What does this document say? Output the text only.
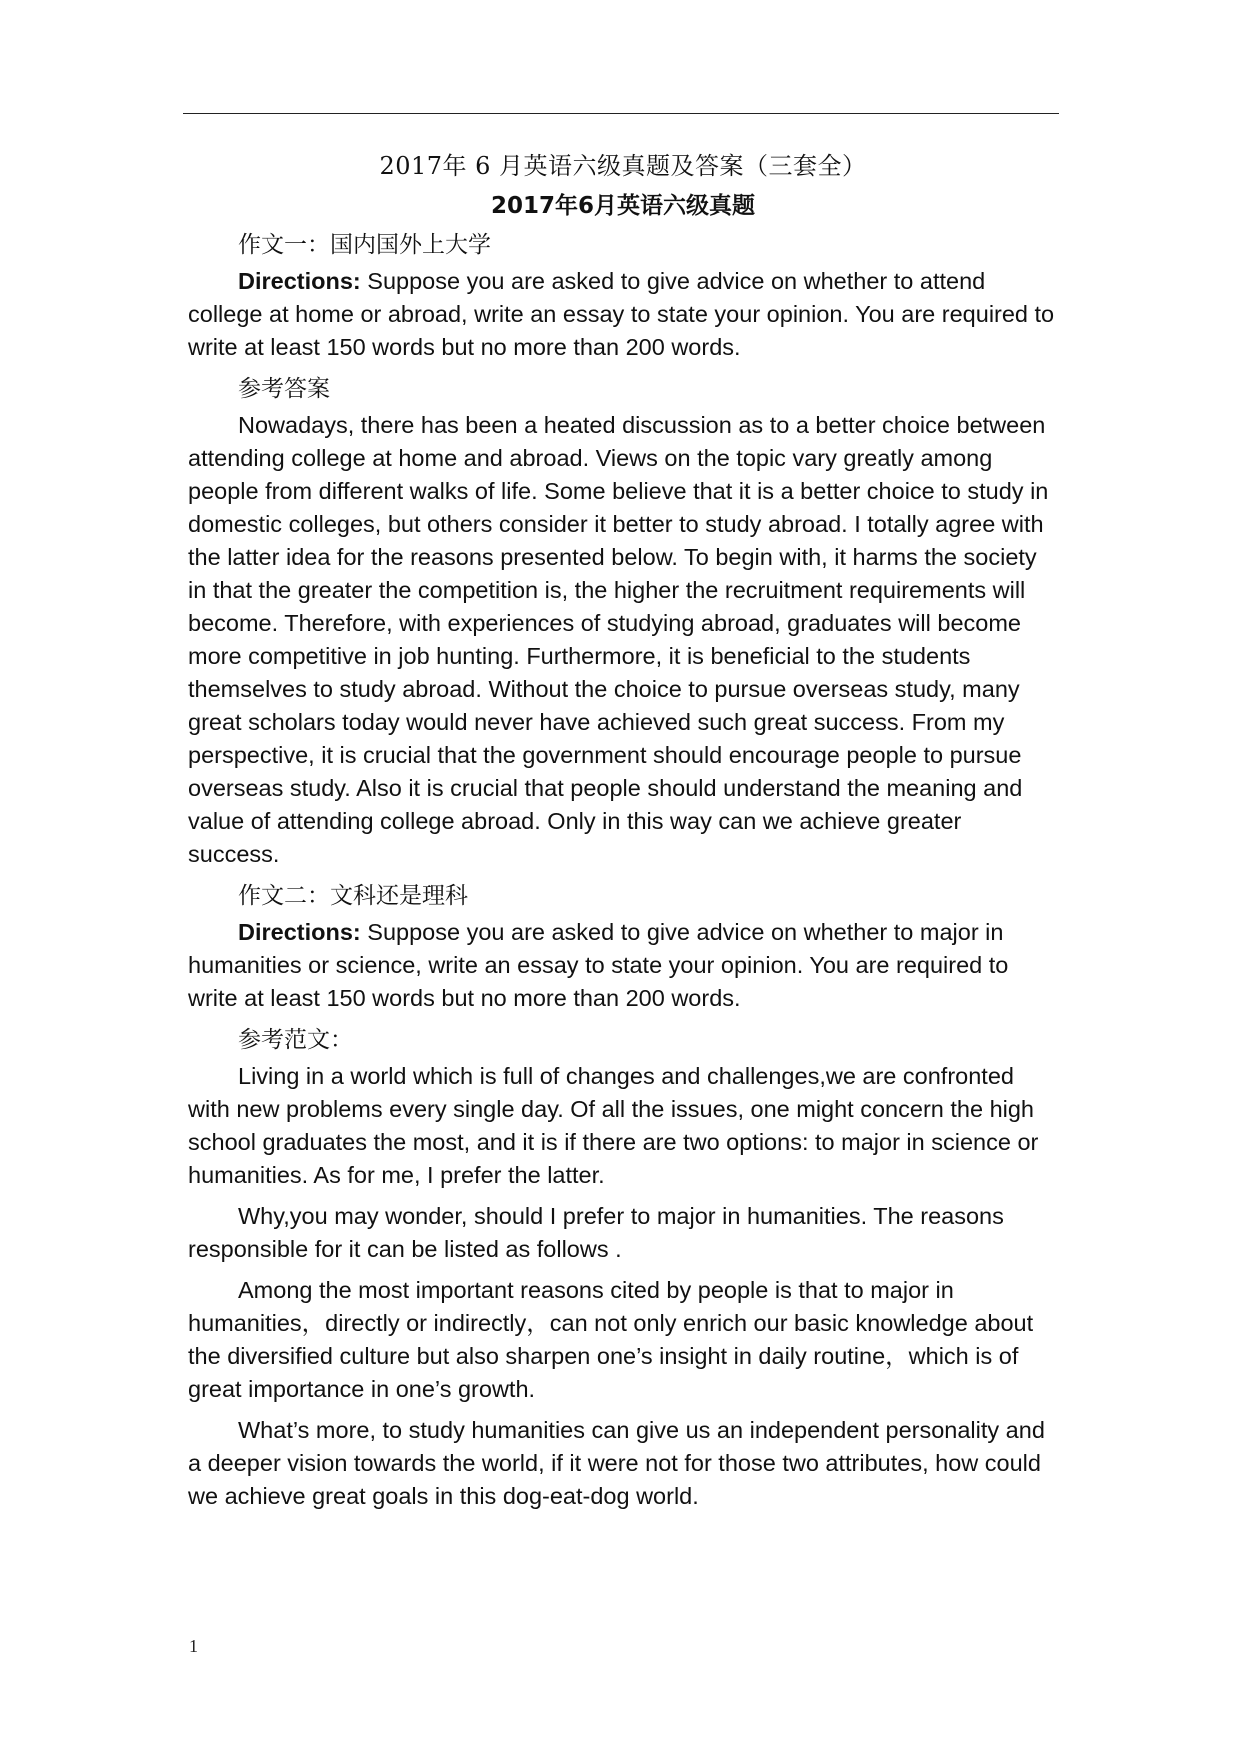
2017年 6 月英语六级真题及答案（三套全）
2017年6月英语六级真题
作文一：国内国外上大学

Directions: Suppose you are asked to give advice on whether to attend college at home or abroad, write an essay to state your opinion. You are required to write at least 150 words but no more than 200 words.

参考答案

Nowadays, there has been a heated discussion as to a better choice between attending college at home and abroad. Views on the topic vary greatly among people from different walks of life. Some believe that it is a better choice to study in domestic colleges, but others consider it better to study abroad. I totally agree with the latter idea for the reasons presented below. To begin with, it harms the society in that the greater the competition is, the higher the recruitment requirements will become. Therefore, with experiences of studying abroad, graduates will become more competitive in job hunting. Furthermore, it is beneficial to the students themselves to study abroad. Without the choice to pursue overseas study, many great scholars today would never have achieved such great success. From my perspective, it is crucial that the government should encourage people to pursue overseas study. Also it is crucial that people should understand the meaning and value of attending college abroad. Only in this way can we achieve greater success.

作文二：文科还是理科

Directions: Suppose you are asked to give advice on whether to major in humanities or science, write an essay to state your opinion. You are required to write at least 150 words but no more than 200 words.

参考范文：

Living in a world which is full of changes and challenges,we are confronted with new problems every single day. Of all the issues, one might concern the high school graduates the most, and it is if there are two options: to major in science or humanities. As for me, I prefer the latter.

Why,you may wonder, should I prefer to major in humanities. The reasons responsible for it can be listed as follows .

Among the most important reasons cited by people is that to major in humanities，directly or indirectly，can not only enrich our basic knowledge about the diversified culture but also sharpen one’s insight in daily routine，which is of great importance in one’s growth.

What’s more, to study humanities can give us an independent personality and a deeper vision towards the world, if it were not for those two attributes, how could we achieve great goals in this dog-eat-dog world.

1
